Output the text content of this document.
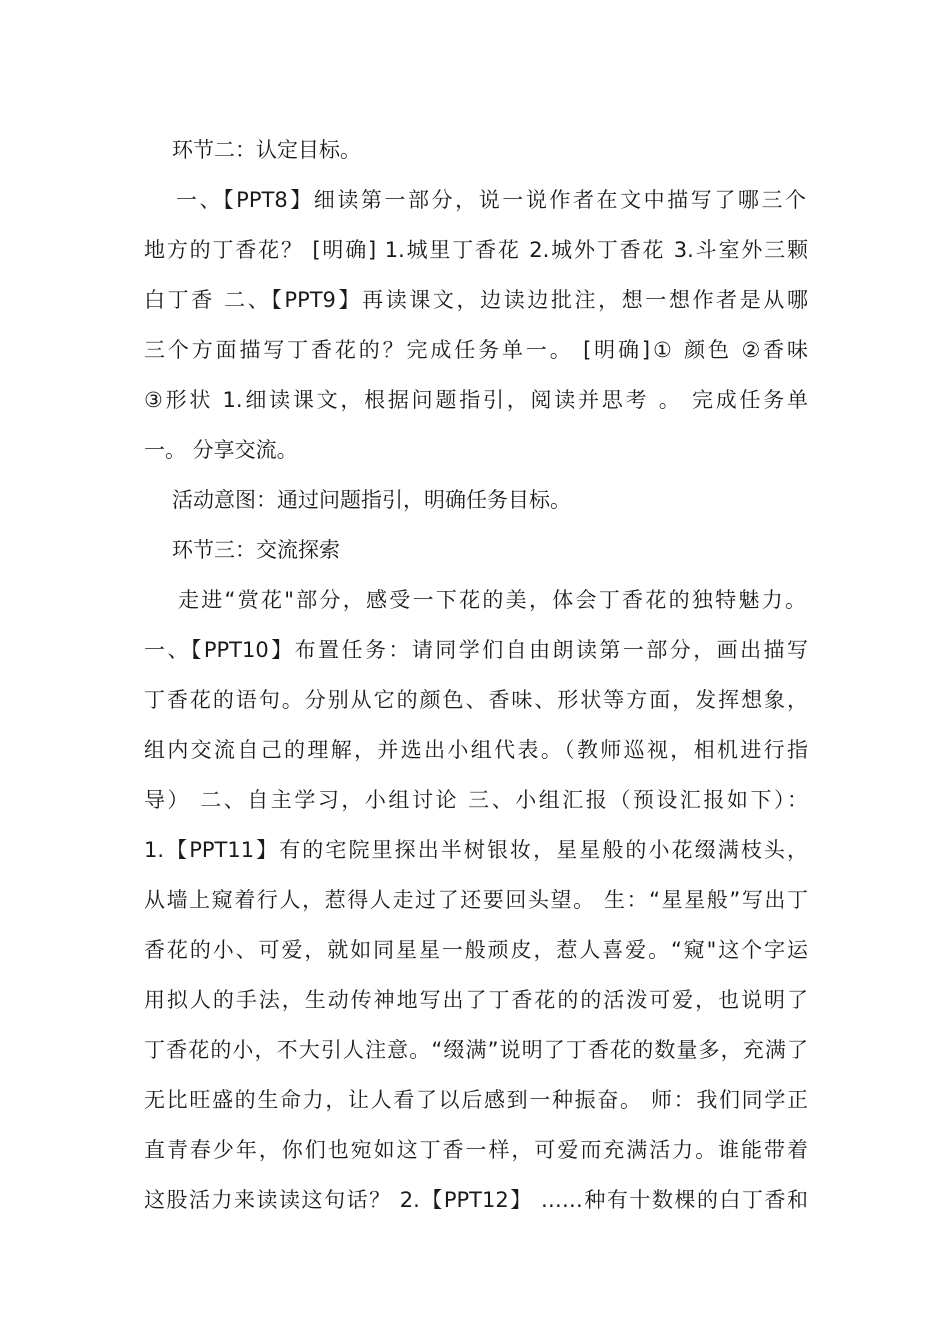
环节二：认定目标。
一、【PPT8】细读第一部分，说一说作者在文中描写了哪三个
地方的丁香花？ [明确] 1.城里丁香花 2.城外丁香花 3.斗室外三颗
白丁香 二、【PPT9】再读课文，边读边批注，想一想作者是从哪
三个方面描写丁香花的？完成任务单一。 [明确]① 颜色 ②香味
③形状 1.细读课文，根据问题指引，阅读并思考 。 完成任务单
一。 分享交流。
活动意图：通过问题指引，明确任务目标。
环节三：交流探索
走进“赏花"部分，感受一下花的美，体会丁香花的独特魅力。
一、【PPT10】布置任务：请同学们自由朗读第一部分，画出描写
丁香花的语句。分别从它的颜色、香味、形状等方面，发挥想象，
组内交流自己的理解，并选出小组代表。（教师巡视，相机进行指
导） 二、自主学习，小组讨论 三、小组汇报（预设汇报如下）：
1.【PPT11】有的宅院里探出半树银妆，星星般的小花缀满枝头，
从墙上窥着行人，惹得人走过了还要回头望。 生：“星星般”写出丁
香花的小、可爱，就如同星星一般顽皮，惹人喜爱。“窥"这个字运
用拟人的手法，生动传神地写出了丁香花的的活泼可爱，也说明了
丁香花的小，不大引人注意。“缀满”说明了丁香花的数量多，充满了
无比旺盛的生命力，让人看了以后感到一种振奋。 师：我们同学正
直青春少年，你们也宛如这丁香一样，可爱而充满活力。谁能带着
这股活力来读读这句话？ 2.【PPT12】 ……种有十数棵的白丁香和
